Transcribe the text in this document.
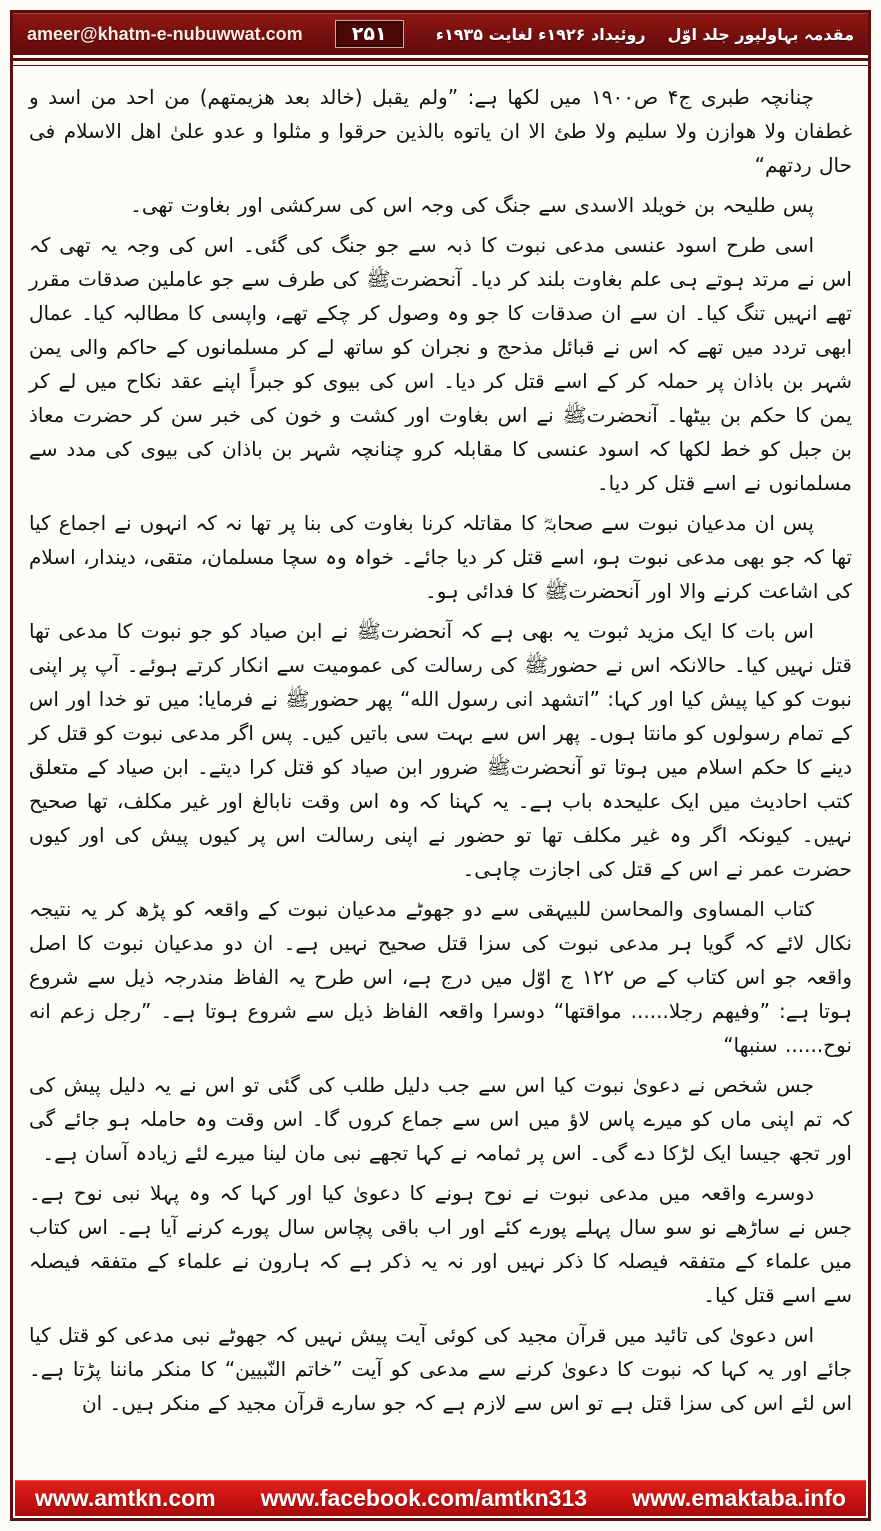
ameer@khatm-e-nubuwwat.com	۲۵۱	روئیداد ۱۹۲۶ء لغایت ۱۹۳۵ء مقدمہ بہاولپور جلد اوّل

چنانچہ طبری ج۴ ص۱۹۰۰ میں لکھا ہے: ”ولم یقبل (خالد بعد هزیمتهم) من احد من اسد و غطفان ولا هوازن ولا سلیم ولا طئ الا ان یاتوه بالذین حرقوا و مثلوا و عدو علیٰ اهل الاسلام فی حال ردتهم“

پس طلیحہ بن خویلد الاسدی سے جنگ کی وجہ اس کی سرکشی اور بغاوت تھی۔

اسی طرح اسود عنسی مدعی نبوت کا ذبہ سے جو جنگ کی گئی۔ اس کی وجہ یہ تھی کہ اس نے مرتد ہوتے ہی علم بغاوت بلند کر دیا۔ آنحضرتﷺ کی طرف سے جو عاملین صدقات مقرر تھے انہیں تنگ کیا۔ ان سے ان صدقات کا جو وہ وصول کر چکے تھے، واپسی کا مطالبہ کیا۔ عمال ابھی تردد میں تھے کہ اس نے قبائل مذحج و نجران کو ساتھ لے کر مسلمانوں کے حاکم والی یمن شہر بن باذان پر حملہ کر کے اسے قتل کر دیا۔ اس کی بیوی کو جبراً اپنے عقد نکاح میں لے کر یمن کا حکم بن بیٹھا۔ آنحضرتﷺ نے اس بغاوت اور کشت و خون کی خبر سن کر حضرت معاذ بن جبل کو خط لکھا کہ اسود عنسی کا مقابلہ کرو چنانچہ شہر بن باذان کی بیوی کی مدد سے مسلمانوں نے اسے قتل کر دیا۔

پس ان مدعیان نبوت سے صحابہؓ کا مقاتلہ کرنا بغاوت کی بنا پر تھا نہ کہ انہوں نے اجماع کیا تھا کہ جو بھی مدعی نبوت ہو، اسے قتل کر دیا جائے۔ خواہ وہ سچا مسلمان، متقی، دیندار، اسلام کی اشاعت کرنے والا اور آنحضرتﷺ کا فدائی ہو۔

اس بات کا ایک مزید ثبوت یہ بھی ہے کہ آنحضرتﷺ نے ابن صیاد کو جو نبوت کا مدعی تھا قتل نہیں کیا۔ حالانکہ اس نے حضورﷺ کی رسالت کی عمومیت سے انکار کرتے ہوئے۔ آپ پر اپنی نبوت کو کیا پیش کیا اور کہا: ”اتشهد انی رسول الله“ پھر حضورﷺ نے فرمایا: میں تو خدا اور اس کے تمام رسولوں کو مانتا ہوں۔ پھر اس سے بہت سی باتیں کیں۔ پس اگر مدعی نبوت کو قتل کر دینے کا حکم اسلام میں ہوتا تو آنحضرتﷺ ضرور ابن صیاد کو قتل کرا دیتے۔ ابن صیاد کے متعلق کتب احادیث میں ایک علیحدہ باب ہے۔ یہ کہنا کہ وہ اس وقت نابالغ اور غیر مکلف، تھا صحیح نہیں۔ کیونکہ اگر وہ غیر مکلف تھا تو حضور نے اپنی رسالت اس پر کیوں پیش کی اور کیوں حضرت عمر نے اس کے قتل کی اجازت چاہی۔

کتاب المساوی والمحاسن للبیہقی سے دو جھوٹے مدعیان نبوت کے واقعہ کو پڑھ کر یہ نتیجہ نکال لائے کہ گویا ہر مدعی نبوت کی سزا قتل صحیح نہیں ہے۔ ان دو مدعیان نبوت کا اصل واقعہ جو اس کتاب کے ص ۱۲۲ ج اوّل میں درج ہے، اس طرح یہ الفاظ مندرجہ ذیل سے شروع ہوتا ہے: ”وفیهم رجلا...... مواقتها“ دوسرا واقعہ الفاظ ذیل سے شروع ہوتا ہے۔ ”رجل زعم انه نوح...... سنبها“

جس شخص نے دعویٰ نبوت کیا اس سے جب دلیل طلب کی گئی تو اس نے یہ دلیل پیش کی کہ تم اپنی ماں کو میرے پاس لاؤ میں اس سے جماع کروں گا۔ اس وقت وہ حاملہ ہو جائے گی اور تجھ جیسا ایک لڑکا دے گی۔ اس پر ثمامہ نے کہا تجھے نبی مان لینا میرے لئے زیادہ آسان ہے۔

دوسرے واقعہ میں مدعی نبوت نے نوح ہونے کا دعویٰ کیا اور کہا کہ وہ پہلا نبی نوح ہے۔ جس نے ساڑھے نو سو سال پہلے پورے کئے اور اب باقی پچاس سال پورے کرنے آیا ہے۔ اس کتاب میں علماء کے متفقہ فیصلہ کا ذکر نہیں اور نہ یہ ذکر ہے کہ ہارون نے علماء کے متفقہ فیصلہ سے اسے قتل کیا۔

اس دعویٰ کی تائید میں قرآن مجید کی کوئی آیت پیش نہیں کہ جھوٹے نبی مدعی کو قتل کیا جائے اور یہ کہا کہ نبوت کا دعویٰ کرنے سے مدعی کو آیت ”خاتم النّبیین“ کا منکر ماننا پڑتا ہے۔ اس لئے اس کی سزا قتل ہے تو اس سے لازم ہے کہ جو سارے قرآن مجید کے منکر ہیں۔ ان

www.amtkn.com www.facebook.com/amtkn313 www.emaktaba.info
